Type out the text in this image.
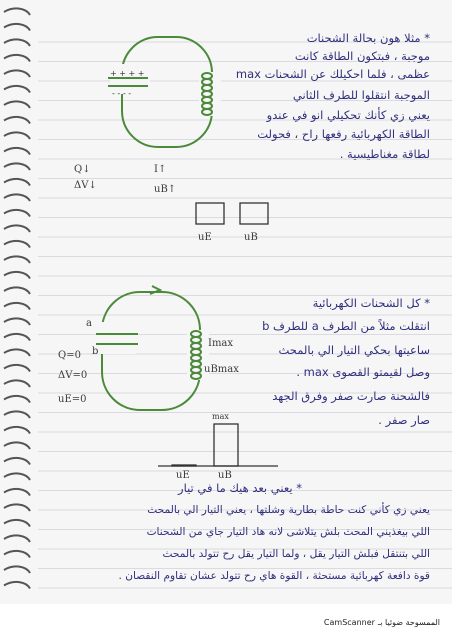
+ + + +
- - - -
* مثلا هون بحالة الشحنات
موجبة ، فبتكون الطاقة كانت
عظمى ، فلما احكيلك عن الشحنات max
الموجبة انتقلوا للطرف الثاني
يعني زي كأنك تحكيلي انو في عندو
الطاقة الكهربائية رفعها راح ، فحولت
لطاقة مغناطيسية .
Q↓
ΔV↓
I↑
uB↑
uE	uB
* كل الشحنات الكهربائية
انتقلت مثلاً من الطرف a للطرف b
ساعيتها بحكي التيار الي بالمحث
وصل لقيمتو القصوى max .
فالشحنة صارت صفر وفرق الجهد
صار صفر .
a
b
Imax
uBmax
Q=0
ΔV=0
uE=0
max
uE	uB
* يعني بعد هيك ما في تيار
يعني زي كأني كنت حاطة بطارية وشلتها ، يعني التيار الي بالمحث
اللي بيغذيني المحث بلش يتلاشى لانه هاد التيار جاي من الشحنات
اللي بتنتقل فبلش التيار يقل ، ولما التيار يقل رح تتولد بالمحث
قوة دافعة كهربائية مستحثة ، القوة هاي رح تتولد عشان تقاوم النقصان .
CamScanner الممسوحة ضوئيا بـ
